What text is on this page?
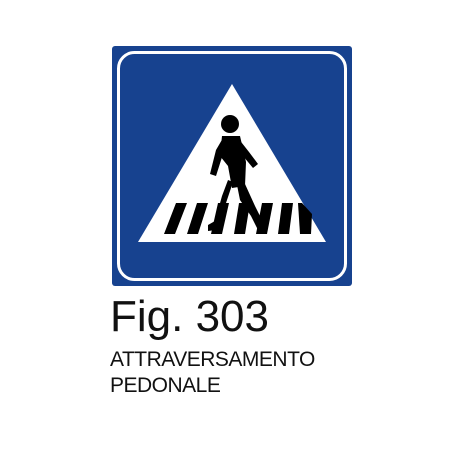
Fig. 303
ATTRAVERSAMENTO
PEDONALE
